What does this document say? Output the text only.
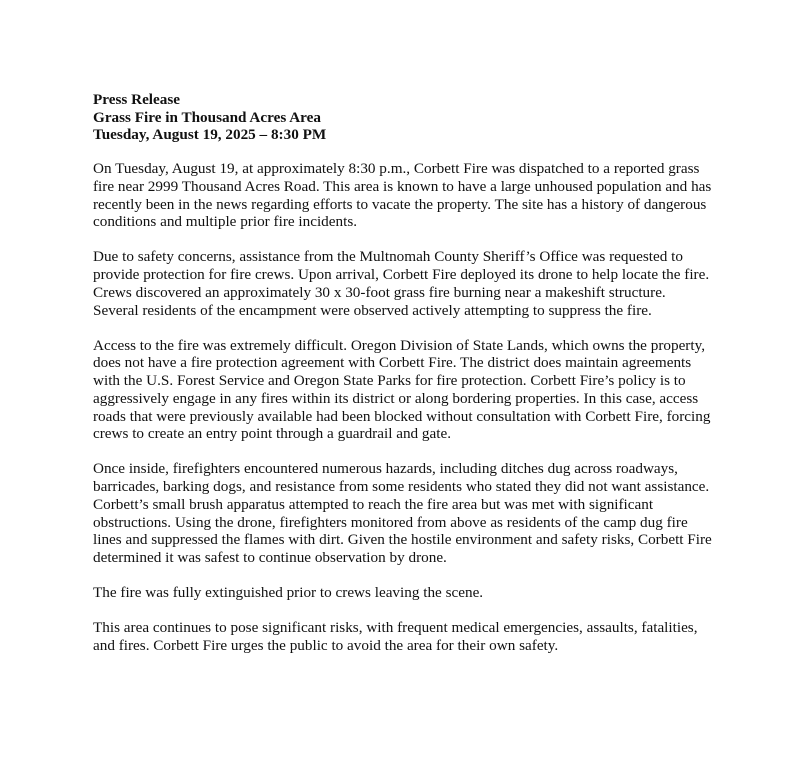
Press Release
Grass Fire in Thousand Acres Area
Tuesday, August 19, 2025 – 8:30 PM

On Tuesday, August 19, at approximately 8:30 p.m., Corbett Fire was dispatched to a reported grass fire near 2999 Thousand Acres Road. This area is known to have a large unhoused population and has recently been in the news regarding efforts to vacate the property. The site has a history of dangerous conditions and multiple prior fire incidents.

Due to safety concerns, assistance from the Multnomah County Sheriff’s Office was requested to provide protection for fire crews. Upon arrival, Corbett Fire deployed its drone to help locate the fire. Crews discovered an approximately 30 x 30-foot grass fire burning near a makeshift structure. Several residents of the encampment were observed actively attempting to suppress the fire.

Access to the fire was extremely difficult. Oregon Division of State Lands, which owns the property, does not have a fire protection agreement with Corbett Fire. The district does maintain agreements with the U.S. Forest Service and Oregon State Parks for fire protection. Corbett Fire’s policy is to aggressively engage in any fires within its district or along bordering properties. In this case, access roads that were previously available had been blocked without consultation with Corbett Fire, forcing crews to create an entry point through a guardrail and gate.

Once inside, firefighters encountered numerous hazards, including ditches dug across roadways, barricades, barking dogs, and resistance from some residents who stated they did not want assistance. Corbett’s small brush apparatus attempted to reach the fire area but was met with significant obstructions. Using the drone, firefighters monitored from above as residents of the camp dug fire lines and suppressed the flames with dirt. Given the hostile environment and safety risks, Corbett Fire determined it was safest to continue observation by drone.

The fire was fully extinguished prior to crews leaving the scene.

This area continues to pose significant risks, with frequent medical emergencies, assaults, fatalities, and fires. Corbett Fire urges the public to avoid the area for their own safety.
